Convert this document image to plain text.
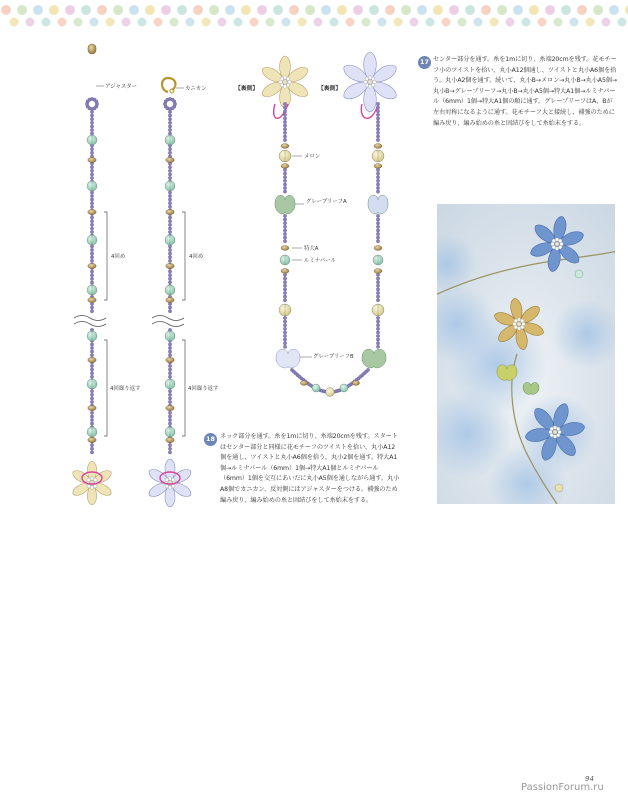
アジャスター	カニカン
4回め	4回め
4回繰り返す	4回繰り返す
【裏側】	【裏側】
メロン
グレープリーフA
特大A
ルミナパール
グレープリーフB
17 センター部分を通す。糸を1mに切り、糸端20cmを残す。花モチーフ小のツイストを拾い、丸小A12個通し、ツイストと丸小A6個を拾う。丸小A2個を通す。続いて、丸小B→メロン→丸小B→丸小A5個→丸小B→グレープリーフ→丸小B→丸小A5個→特大A1個→ルミナパール（6mm）1個→特大A1個の順に通す。グレープリーフはA、Bが左右対称になるように通す。花モチーフ大と接続し、補強のために編み戻り、編み始めの糸と固結びをして糸始末をする。
18 ネック部分を通す。糸を1mに切り、糸端20cmを残す。スタートはセンター部分と同様に花モチーフのツイストを拾い、丸小A12個を通し、ツイストと丸小A6個を拾う。丸小2個を通す。特大A1個→ルミナパール（6mm）1個→特大A1個とルミナパール（6mm）1個を交互にあいだに丸小A5個を通しながら通す。丸小A8個でカニカン、反対側にはアジャスターをつける。補強のため編み戻り、編み始めの糸と固結びをして糸始末をする。
94
PassionForum.ru
